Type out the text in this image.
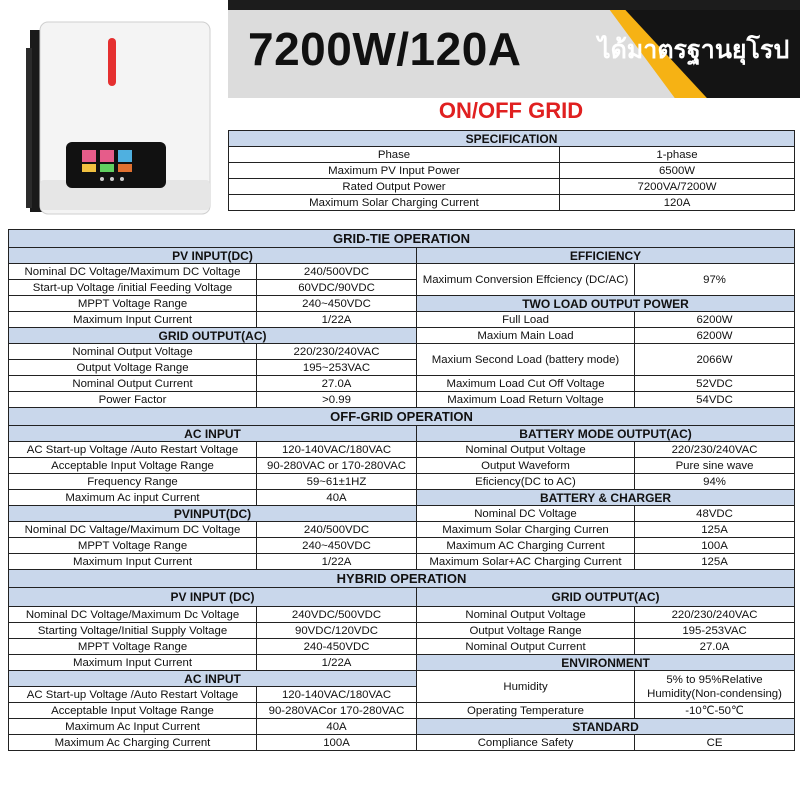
7200W/120A	ได้มาตรฐานยุโรป
ON/OFF GRID
SPECIFICATION	
Phase	1-phase
Maximum PV Input Power	6500W
Rated Output Power	7200VA/7200W
Maximum Solar Charging Current	120A
GRID-TIE OPERATION			
PV INPUT(DC)		EFFICIENCY	
Nominal DC Voltage/Maximum DC Voltage	240/500VDC	Maximum Conversion Effciency (DC/AC)	97%
Start-up Voltage /initial Feeding Voltage	60VDC/90VDC		
MPPT Voltage Range	240~450VDC	TWO LOAD OUTPUT POWER	
Maximum Input Current	1/22A	Full Load	6200W
GRID OUTPUT(AC)		Maxium Main Load	6200W
Nominal Output Voltage	220/230/240VAC	Maxium Second Load (battery mode)	2066W
Output Voltage Range	195~253VAC		
Nominal Output Current	27.0A	Maximum Load Cut Off Voltage	52VDC
Power Factor	>0.99	Maximum Load Return Voltage	54VDC
OFF-GRID OPERATION			
AC INPUT		BATTERY MODE OUTPUT(AC)	
AC Start-up Voltage /Auto Restart Voltage	120-140VAC/180VAC	Nominal Output Voltage	220/230/240VAC
Acceptable Input Voltage Range	90-280VAC or 170-280VAC	Output Waveform	Pure sine wave
Frequency Range	59~61±1HZ	Eficiency(DC to AC)	94%
Maximum Ac input Current	40A	BATTERY & CHARGER	
PVINPUT(DC)		Nominal DC Voltage	48VDC
Nominal DC Valtage/Maximum DC Voltage	240/500VDC	Maximum Solar Charging Curren	125A
MPPT Voltage Range	240~450VDC	Maximum AC Charging Current	100A
Maximum Input Current	1/22A	Maximum Solar+AC Charging Current	125A
HYBRID OPERATION			
PV INPUT (DC)		GRID OUTPUT(AC)	
Nominal DC Voltage/Maximum Dc Voltage	240VDC/500VDC	Nominal Output Voltage	220/230/240VAC
Starting Voltage/Initial Supply Voltage	90VDC/120VDC	Output Voltage Range	195-253VAC
MPPT Voltage Range	240-450VDC	Nominal Output Current	27.0A
Maximum Input Current	1/22A	ENVIRONMENT	
AC INPUT		Humidity	5% to 95%Relative Humidity(Non-condensing)
AC Start-up Voltage /Auto Restart Voltage	120-140VAC/180VAC		
Acceptable Input Voltage Range	90-280VACor 170-280VAC	Operating Temperature	-10℃-50℃
Maximum Ac Input Current	40A	STANDARD	
Maximum Ac Charging Current	100A	Compliance Safety	CE
